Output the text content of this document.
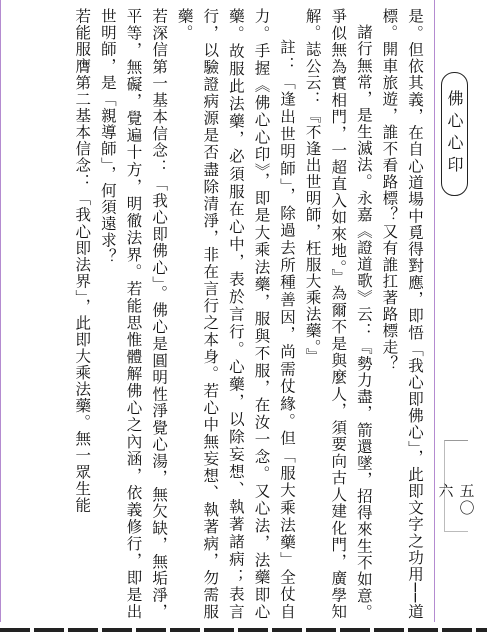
佛心心印
五〇六

是。但依其義，在自心道場中覓得對應，即悟「我心即佛心」，此即文字之功用──道標。開車旅遊，誰不看路標？又有誰扛著路標走？

諸行無常，是生滅法。永嘉《證道歌》云：『勢力盡，箭還墜，招得來生不如意。爭似無為實相門，一超直入如來地。』為爾不是與麼人，須要向古人建化門，廣學知解。誌公云：『不逢出世明師，枉服大乘法藥。』

註：「逢出世明師」，除過去所種善因，尚需仗緣。但「服大乘法藥」全仗自力。手握《佛心心印》，即是大乘法藥，服與不服，在汝一念。又心法，法藥即心藥。故服此法藥，必須服在心中，表於言行。心藥，以除妄想、執著諸病；表言行，以驗證病源是否盡除清淨，非在言行之本身。若心中無妄想、執著病，勿需服藥。

若深信第一基本信念：「我心即佛心」。佛心是圓明性淨覺心湯，無欠缺，無垢淨，平等，無礙，覺遍十方，明徹法界。若能思惟體解佛心之內涵，依義修行，即是出世明師，是「親導師」，何須遠求？

若能服膺第二基本信念：「我心即法界」，此即大乘法藥。無一眾生能
